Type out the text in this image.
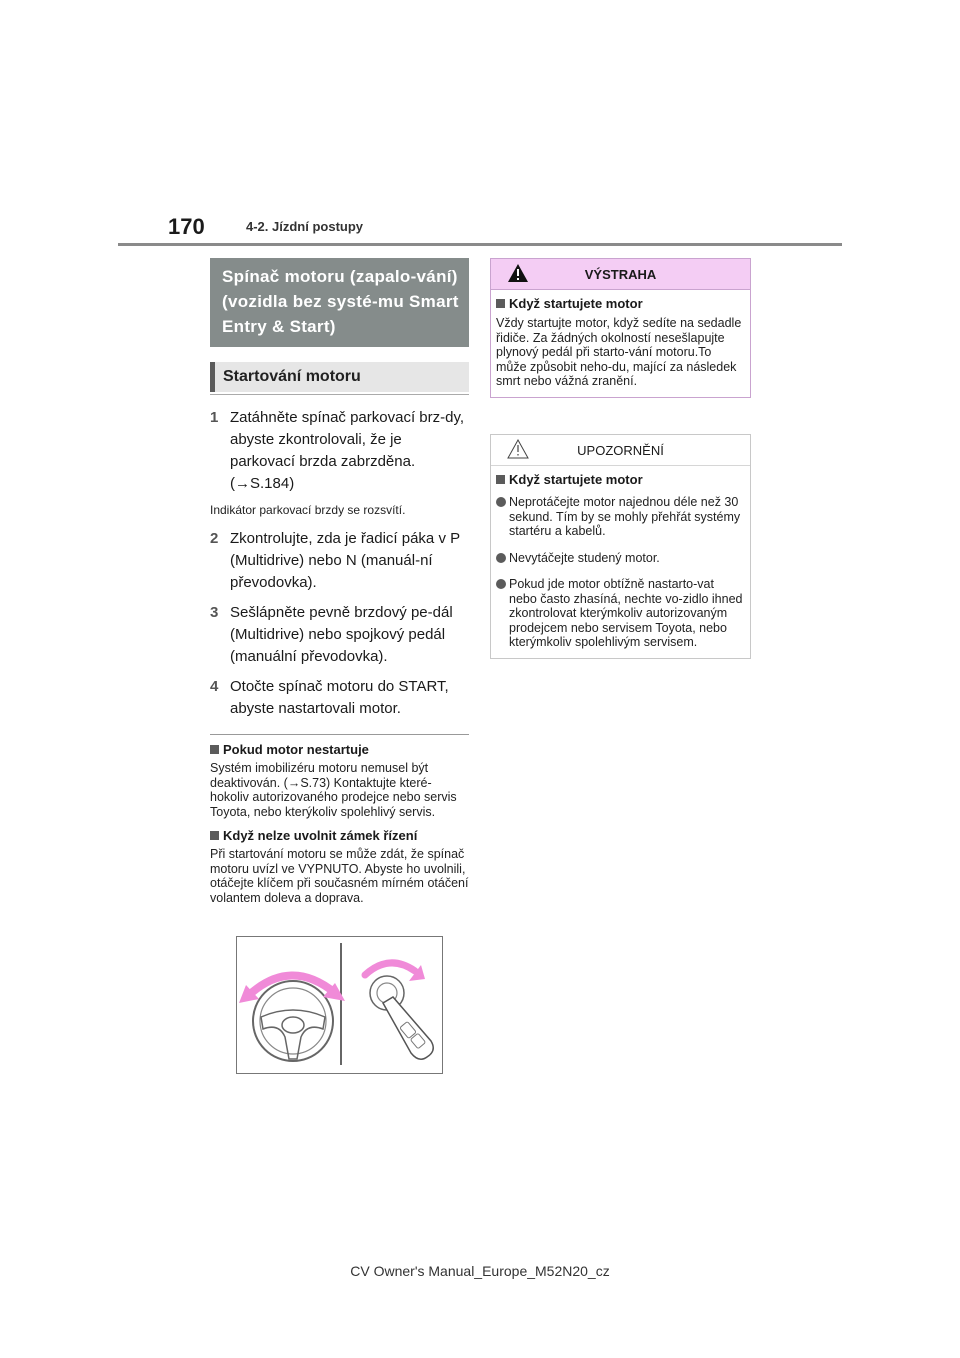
170	4-2. Jízdní postupy
Spínač motoru (zapalo-vání) (vozidla bez systé-mu Smart Entry & Start)
Startování motoru
1 Zatáhněte spínač parkovací brz-dy, abyste zkontrolovali, že je parkovací brzda zabrzděna. (→S.184)
Indikátor parkovací brzdy se rozsvítí.
2 Zkontrolujte, zda je řadicí páka v P (Multidrive) nebo N (manuál-ní převodovka).
3 Sešlápněte pevně brzdový pe-dál (Multidrive) nebo spojkový pedál (manuální převodovka).
4 Otočte spínač motoru do START, abyste nastartovali motor.
Pokud motor nestartuje
Systém imobilizéru motoru nemusel být deaktivován. (→S.73) Kontaktujte které-hokoliv autorizovaného prodejce nebo servis Toyota, nebo kterýkoliv spolehlivý servis.
Když nelze uvolnit zámek řízení
Při startování motoru se může zdát, že spínač motoru uvízl ve VYPNUTO. Abyste ho uvolnili, otáčejte klíčem při současném mírném otáčení volantem doleva a doprava.
VÝSTRAHA
Když startujete motor
Vždy startujte motor, když sedíte na sedadle řidiče. Za žádných okolností nesešlapujte plynový pedál při starto-vání motoru.To může způsobit neho-du, mající za následek smrt nebo vážná zranění.
UPOZORNĚNÍ
Když startujete motor
Neprotáčejte motor najednou déle než 30 sekund. Tím by se mohly přehřát systémy startéru a kabelů.
Nevytáčejte studený motor.
Pokud jde motor obtížně nastarto-vat nebo často zhasíná, nechte vo-zidlo ihned zkontrolovat kterýmkoliv autorizovaným prodejcem nebo servisem Toyota, nebo kterýmkoliv spolehlivým servisem.
CV Owner's Manual_Europe_M52N20_cz
